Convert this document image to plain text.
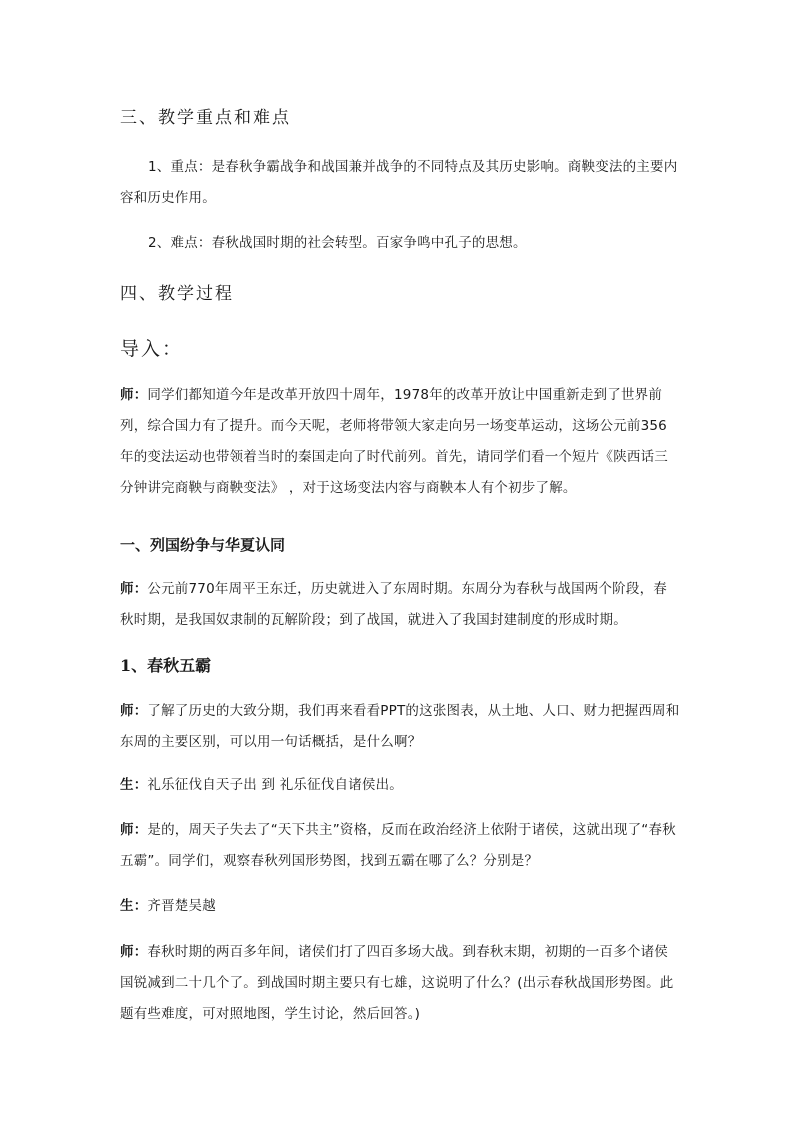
三、教学重点和难点
1、重点：是春秋争霸战争和战国兼并战争的不同特点及其历史影响。商鞅变法的主要内容和历史作用。
2、难点：春秋战国时期的社会转型。百家争鸣中孔子的思想。
四、教学过程
导入：
师：同学们都知道今年是改革开放四十周年，1978年的改革开放让中国重新走到了世界前列，综合国力有了提升。而今天呢，老师将带领大家走向另一场变革运动，这场公元前356年的变法运动也带领着当时的秦国走向了时代前列。首先，请同学们看一个短片《陕西话三分钟讲完商鞅与商鞅变法》 ，对于这场变法内容与商鞅本人有个初步了解。
一、列国纷争与华夏认同
师：公元前770年周平王东迁，历史就进入了东周时期。东周分为春秋与战国两个阶段，春秋时期，是我国奴隶制的瓦解阶段；到了战国，就进入了我国封建制度的形成时期。
1、春秋五霸
师：了解了历史的大致分期，我们再来看看PPT的这张图表，从土地、人口、财力把握西周和东周的主要区别，可以用一句话概括，是什么啊？
生：礼乐征伐自天子出 到 礼乐征伐自诸侯出。
师：是的，周天子失去了“天下共主”资格，反而在政治经济上依附于诸侯，这就出现了“春秋五霸”。同学们，观察春秋列国形势图，找到五霸在哪了么？分别是？
生：齐晋楚吴越
师：春秋时期的两百多年间，诸侯们打了四百多场大战。到春秋末期，初期的一百多个诸侯国锐减到二十几个了。到战国时期主要只有七雄，这说明了什么？(出示春秋战国形势图。此题有些难度，可对照地图，学生讨论，然后回答。)
